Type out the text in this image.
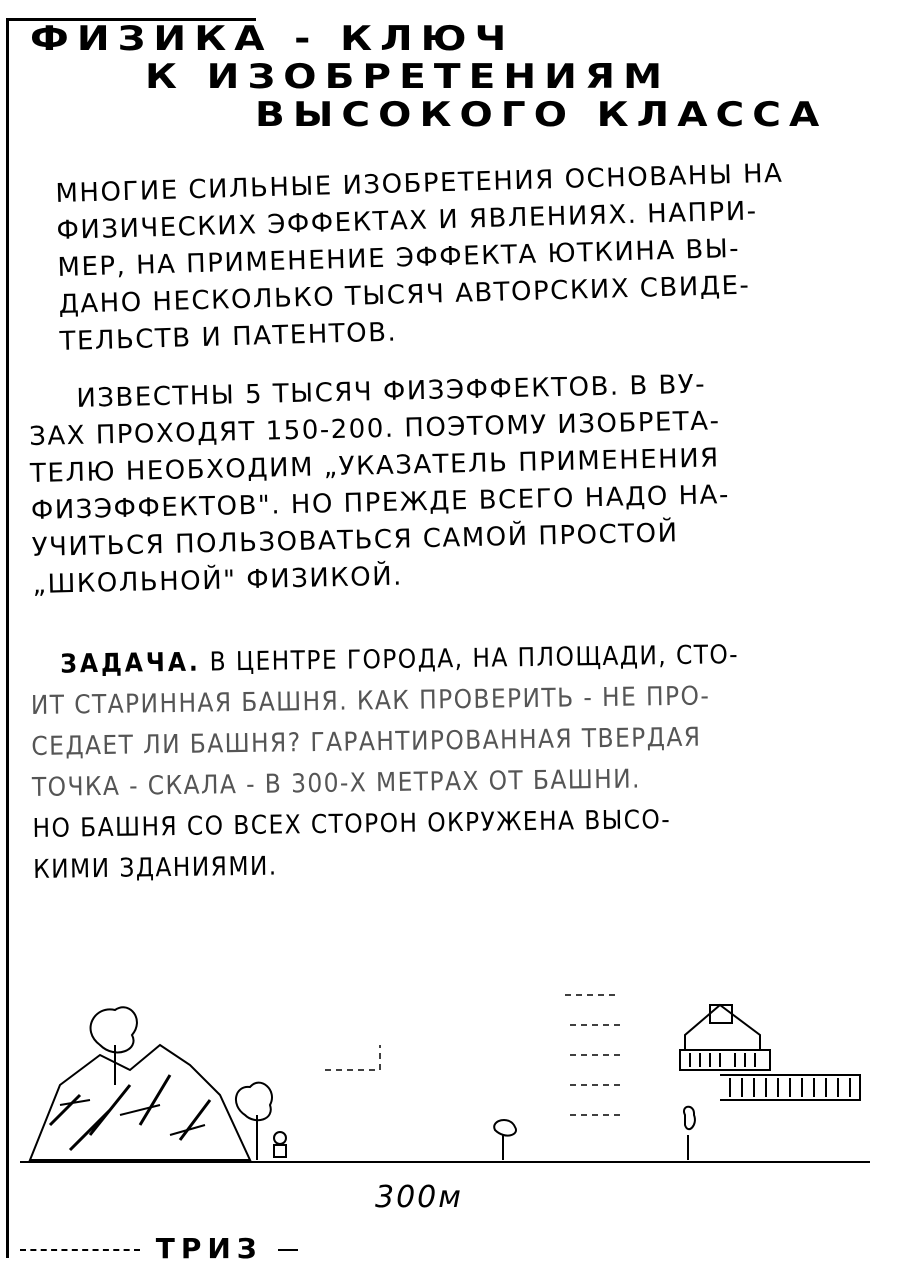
ФИЗИКА - КЛЮЧ
К ИЗОБРЕТЕНИЯМ
ВЫСОКОГО КЛАССА
МНОГИЕ СИЛЬНЫЕ ИЗОБРЕТЕНИЯ ОСНОВАНЫ НА
ФИЗИЧЕСКИХ ЭФФЕКТАХ И ЯВЛЕНИЯХ. НАПРИ-
МЕР, НА ПРИМЕНЕНИЕ ЭФФЕКТА ЮТКИНА ВЫ-
ДАНО НЕСКОЛЬКО ТЫСЯЧ АВТОРСКИХ СВИДЕ-
ТЕЛЬСТВ И ПАТЕНТОВ.
ИЗВЕСТНЫ 5 ТЫСЯЧ ФИЗЭФФЕКТОВ. В ВУ-
ЗАХ ПРОХОДЯТ 150-200. ПОЭТОМУ ИЗОБРЕТА-
ТЕЛЮ НЕОБХОДИМ „УКАЗАТЕЛЬ ПРИМЕНЕНИЯ
ФИЗЭФФЕКТОВ". НО ПРЕЖДЕ ВСЕГО НАДО НА-
УЧИТЬСЯ ПОЛЬЗОВАТЬСЯ САМОЙ ПРОСТОЙ
„ШКОЛЬНОЙ" ФИЗИКОЙ.
ЗАДАЧА. В ЦЕНТРЕ ГОРОДА, НА ПЛОЩАДИ, СТО-
ИТ СТАРИННАЯ БАШНЯ. КАК ПРОВЕРИТЬ - НЕ ПРО-
СЕДАЕТ ЛИ БАШНЯ? ГАРАНТИРОВАННАЯ ТВЕРДАЯ
ТОЧКА - СКАЛА - В 300-Х МЕТРАХ ОТ БАШНИ.
НО БАШНЯ СО ВСЕХ СТОРОН ОКРУЖЕНА ВЫСО-
КИМИ ЗДАНИЯМИ.
300м
ТРИЗ
